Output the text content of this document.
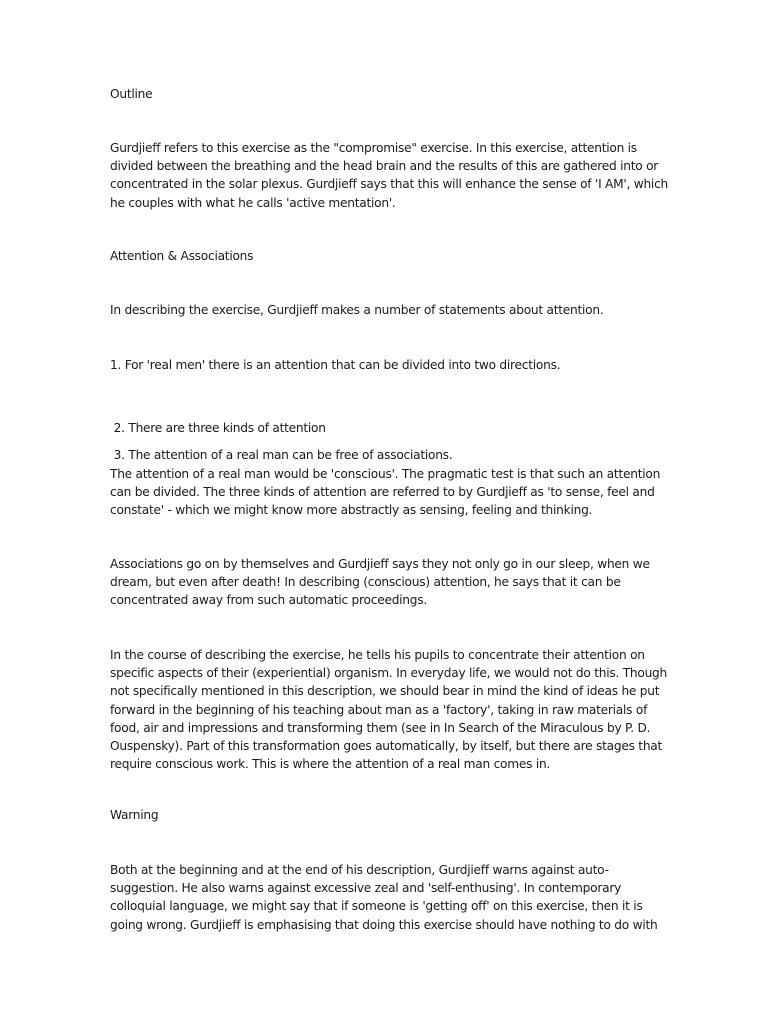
Outline
Gurdjieff refers to this exercise as the "compromise" exercise. In this exercise, attention is
divided between the breathing and the head brain and the results of this are gathered into or
concentrated in the solar plexus. Gurdjieff says that this will enhance the sense of 'I AM', which
he couples with what he calls 'active mentation'.
Attention & Associations
In describing the exercise, Gurdjieff makes a number of statements about attention.
1. For 'real men' there is an attention that can be divided into two directions.

2. There are three kinds of attention

3. The attention of a real man can be free of associations.

The attention of a real man would be 'conscious'. The pragmatic test is that such an attention
can be divided. The three kinds of attention are referred to by Gurdjieff as 'to sense, feel and
constate' - which we might know more abstractly as sensing, feeling and thinking.
Associations go on by themselves and Gurdjieff says they not only go in our sleep, when we
dream, but even after death! In describing (conscious) attention, he says that it can be
concentrated away from such automatic proceedings.
In the course of describing the exercise, he tells his pupils to concentrate their attention on
specific aspects of their (experiential) organism. In everyday life, we would not do this. Though
not specifically mentioned in this description, we should bear in mind the kind of ideas he put
forward in the beginning of his teaching about man as a 'factory', taking in raw materials of
food, air and impressions and transforming them (see in In Search of the Miraculous by P. D.
Ouspensky). Part of this transformation goes automatically, by itself, but there are stages that
require conscious work. This is where the attention of a real man comes in.
Warning
Both at the beginning and at the end of his description, Gurdjieff warns against auto-
suggestion. He also warns against excessive zeal and 'self-enthusing'. In contemporary
colloquial language, we might say that if someone is 'getting off' on this exercise, then it is
going wrong. Gurdjieff is emphasising that doing this exercise should have nothing to do with
